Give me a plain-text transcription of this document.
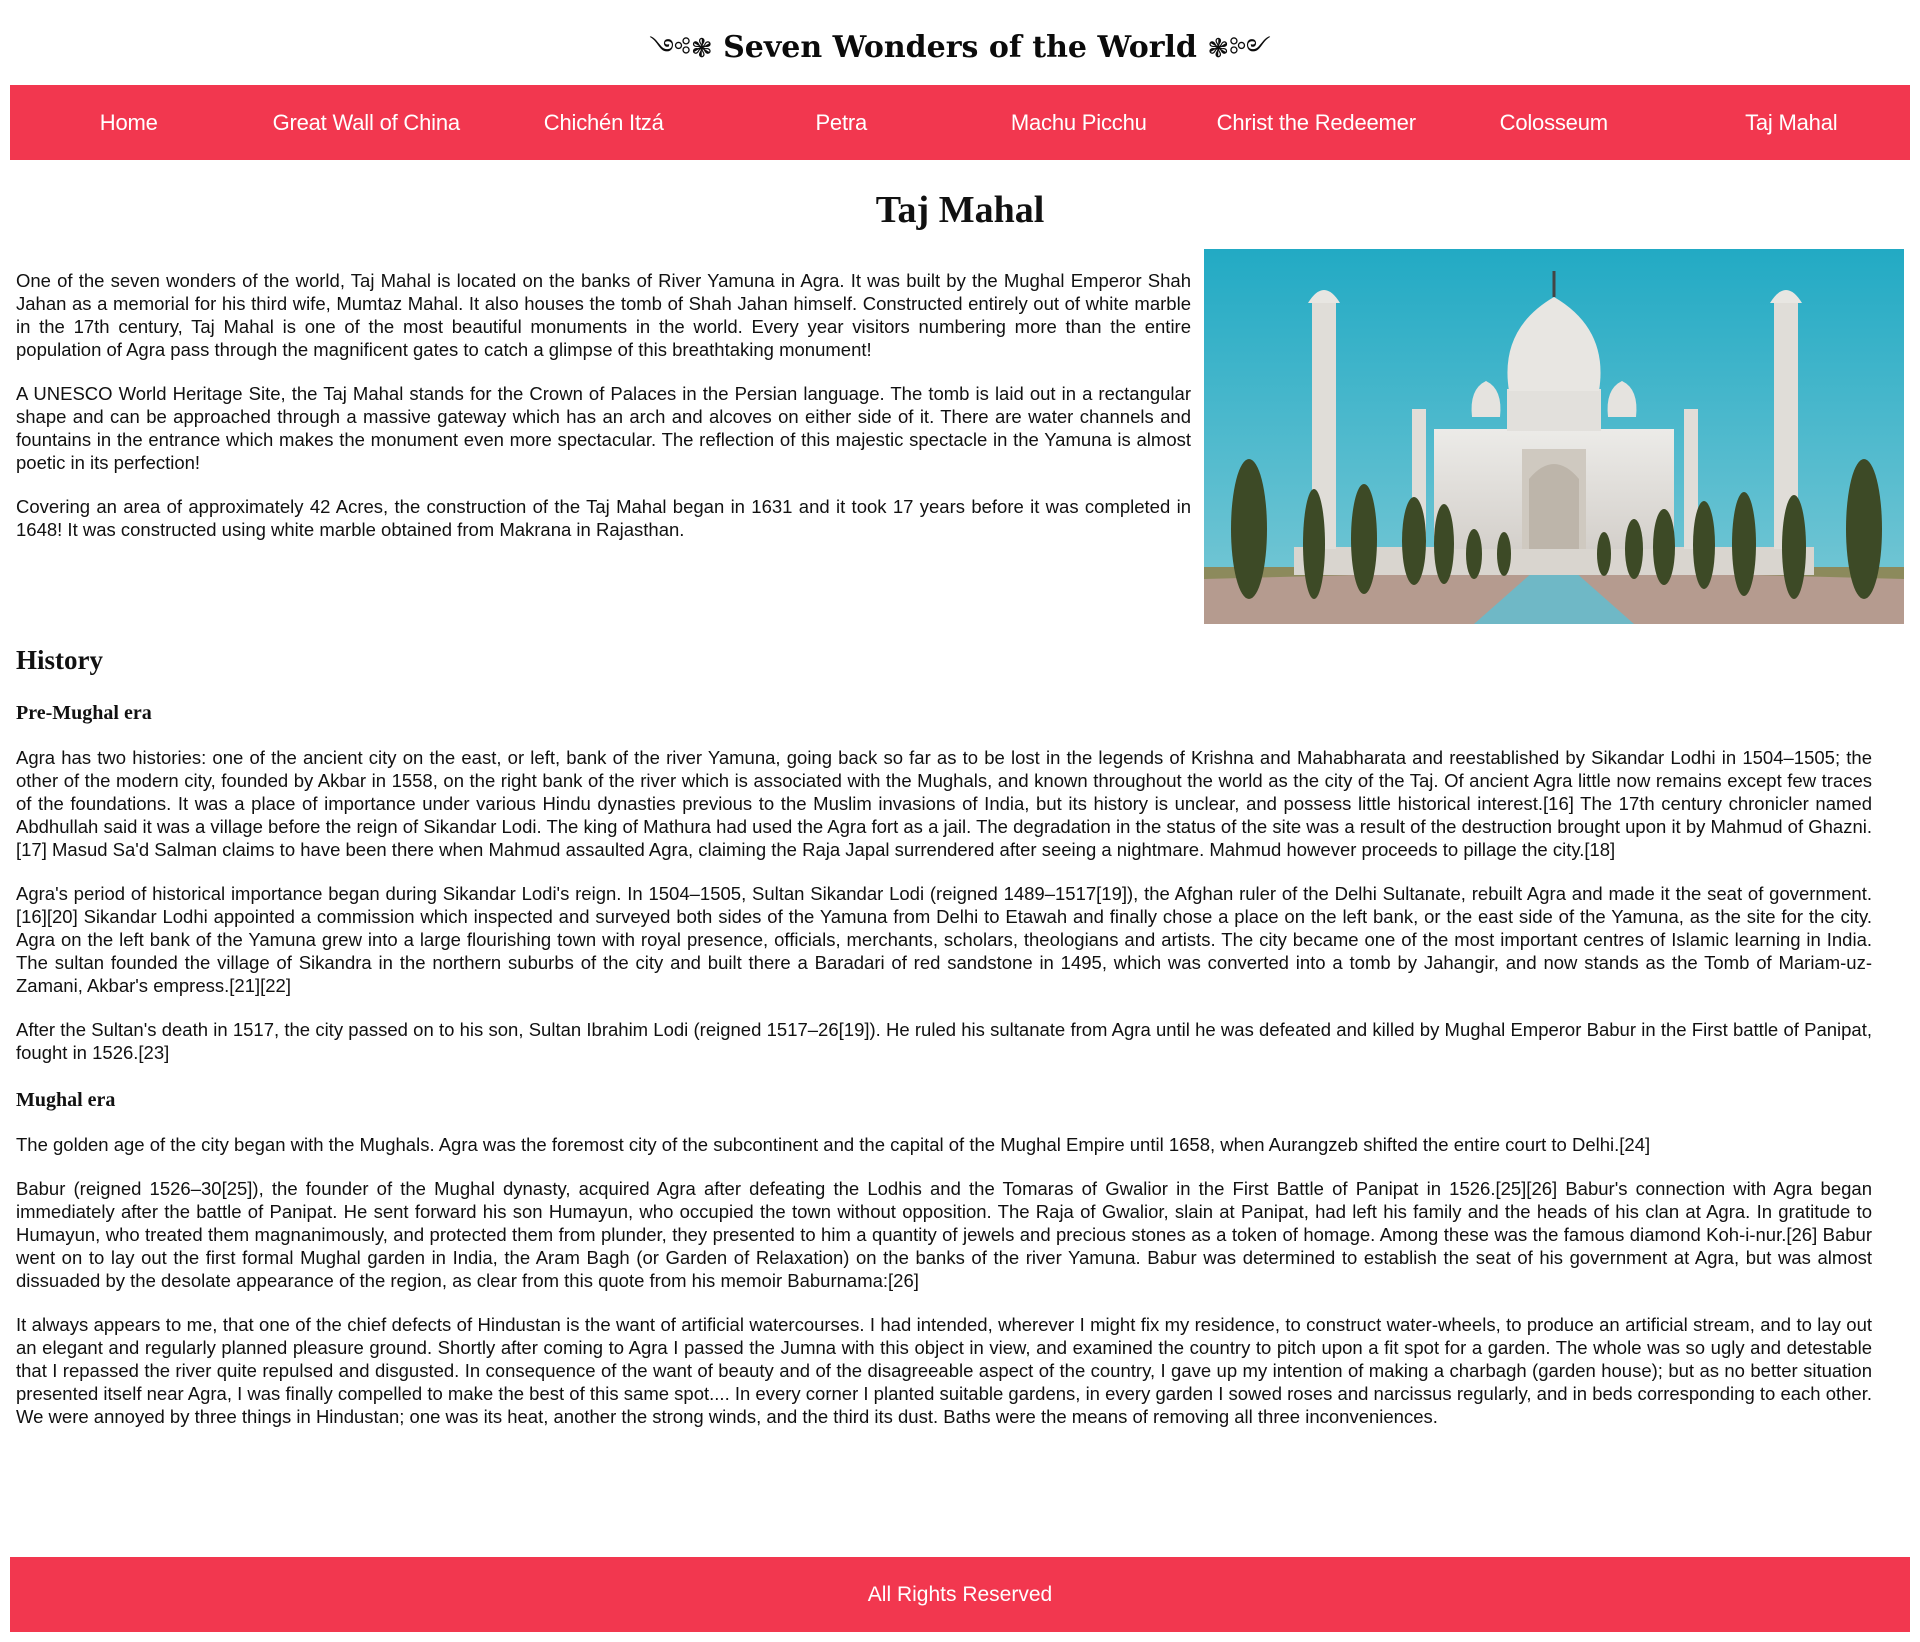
༺❃ Seven Wonders of the World ❃༻
Home	Great Wall of China	Chichén Itzá	Petra	Machu Picchu	Christ the Redeemer	Colosseum	Taj Mahal
Taj Mahal

One of the seven wonders of the world, Taj Mahal is located on the banks of River Yamuna in Agra. It was built by the Mughal Emperor Shah Jahan as a memorial for his third wife, Mumtaz Mahal. It also houses the tomb of Shah Jahan himself. Constructed entirely out of white marble in the 17th century, Taj Mahal is one of the most beautiful monuments in the world. Every year visitors numbering more than the entire population of Agra pass through the magnificent gates to catch a glimpse of this breathtaking monument!

A UNESCO World Heritage Site, the Taj Mahal stands for the Crown of Palaces in the Persian language. The tomb is laid out in a rectangular shape and can be approached through a massive gateway which has an arch and alcoves on either side of it. There are water channels and fountains in the entrance which makes the monument even more spectacular. The reflection of this majestic spectacle in the Yamuna is almost poetic in its perfection!

Covering an area of approximately 42 Acres, the construction of the Taj Mahal began in 1631 and it took 17 years before it was completed in 1648! It was constructed using white marble obtained from Makrana in Rajasthan.

History
Pre-Mughal era

Agra has two histories: one of the ancient city on the east, or left, bank of the river Yamuna, going back so far as to be lost in the legends of Krishna and Mahabharata and reestablished by Sikandar Lodhi in 1504–1505; the other of the modern city, founded by Akbar in 1558, on the right bank of the river which is associated with the Mughals, and known throughout the world as the city of the Taj. Of ancient Agra little now remains except few traces of the foundations. It was a place of importance under various Hindu dynasties previous to the Muslim invasions of India, but its history is unclear, and possess little historical interest.[16] The 17th century chronicler named Abdhullah said it was a village before the reign of Sikandar Lodi. The king of Mathura had used the Agra fort as a jail. The degradation in the status of the site was a result of the destruction brought upon it by Mahmud of Ghazni.[17] Masud Sa'd Salman claims to have been there when Mahmud assaulted Agra, claiming the Raja Japal surrendered after seeing a nightmare. Mahmud however proceeds to pillage the city.[18]

Agra's period of historical importance began during Sikandar Lodi's reign. In 1504–1505, Sultan Sikandar Lodi (reigned 1489–1517[19]), the Afghan ruler of the Delhi Sultanate, rebuilt Agra and made it the seat of government.[16][20] Sikandar Lodhi appointed a commission which inspected and surveyed both sides of the Yamuna from Delhi to Etawah and finally chose a place on the left bank, or the east side of the Yamuna, as the site for the city. Agra on the left bank of the Yamuna grew into a large flourishing town with royal presence, officials, merchants, scholars, theologians and artists. The city became one of the most important centres of Islamic learning in India. The sultan founded the village of Sikandra in the northern suburbs of the city and built there a Baradari of red sandstone in 1495, which was converted into a tomb by Jahangir, and now stands as the Tomb of Mariam-uz-Zamani, Akbar's empress.[21][22]

After the Sultan's death in 1517, the city passed on to his son, Sultan Ibrahim Lodi (reigned 1517–26[19]). He ruled his sultanate from Agra until he was defeated and killed by Mughal Emperor Babur in the First battle of Panipat, fought in 1526.[23]

Mughal era

The golden age of the city began with the Mughals. Agra was the foremost city of the subcontinent and the capital of the Mughal Empire until 1658, when Aurangzeb shifted the entire court to Delhi.[24]

Babur (reigned 1526–30[25]), the founder of the Mughal dynasty, acquired Agra after defeating the Lodhis and the Tomaras of Gwalior in the First Battle of Panipat in 1526.[25][26] Babur's connection with Agra began immediately after the battle of Panipat. He sent forward his son Humayun, who occupied the town without opposition. The Raja of Gwalior, slain at Panipat, had left his family and the heads of his clan at Agra. In gratitude to Humayun, who treated them magnanimously, and protected them from plunder, they presented to him a quantity of jewels and precious stones as a token of homage. Among these was the famous diamond Koh-i-nur.[26] Babur went on to lay out the first formal Mughal garden in India, the Aram Bagh (or Garden of Relaxation) on the banks of the river Yamuna. Babur was determined to establish the seat of his government at Agra, but was almost dissuaded by the desolate appearance of the region, as clear from this quote from his memoir Baburnama:[26]

It always appears to me, that one of the chief defects of Hindustan is the want of artificial watercourses. I had intended, wherever I might fix my residence, to construct water-wheels, to produce an artificial stream, and to lay out an elegant and regularly planned pleasure ground. Shortly after coming to Agra I passed the Jumna with this object in view, and examined the country to pitch upon a fit spot for a garden. The whole was so ugly and detestable that I repassed the river quite repulsed and disgusted. In consequence of the want of beauty and of the disagreeable aspect of the country, I gave up my intention of making a charbagh (garden house); but as no better situation presented itself near Agra, I was finally compelled to make the best of this same spot.... In every corner I planted suitable gardens, in every garden I sowed roses and narcissus regularly, and in beds corresponding to each other. We were annoyed by three things in Hindustan; one was its heat, another the strong winds, and the third its dust. Baths were the means of removing all three inconveniences.

All Rights Reserved
